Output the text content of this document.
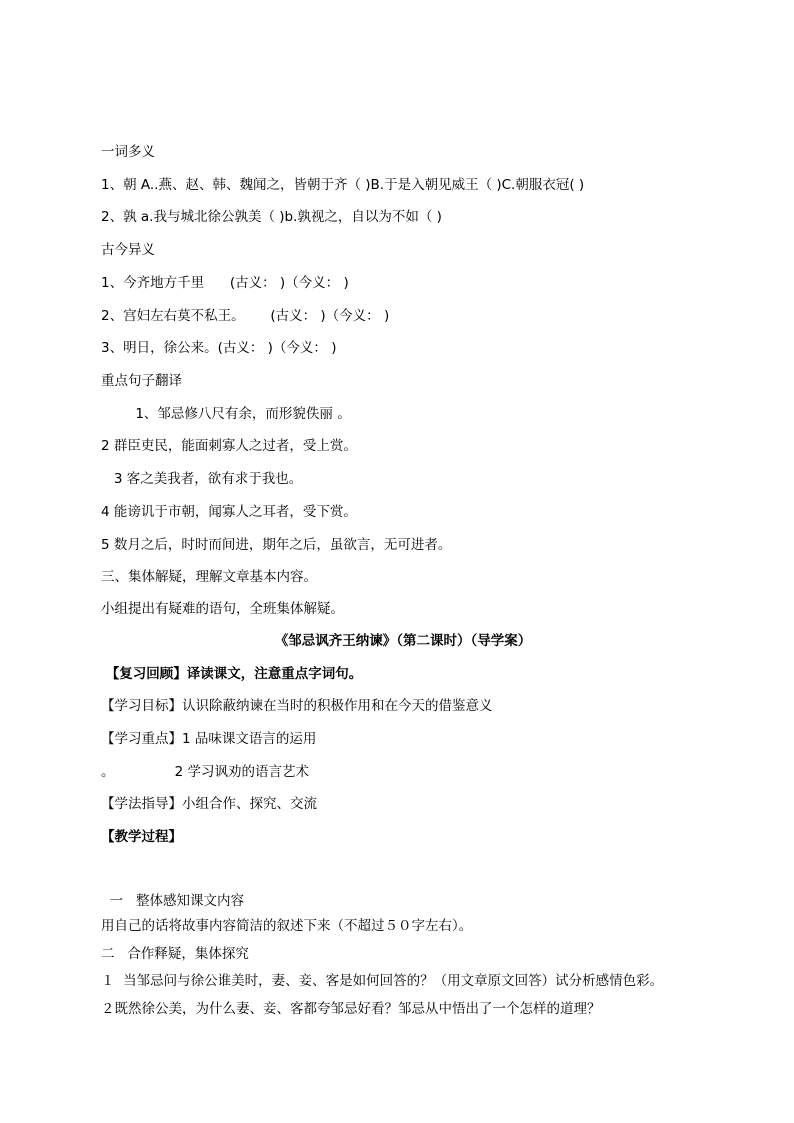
一词多义

1、朝 A..燕、赵、韩、魏闻之，皆朝于齐（ )B.于是入朝见威王（ )C.朝服衣冠( )

2、孰 a.我与城北徐公孰美（ )b.孰视之，自以为不如（ )

古今异义

1、今齐地方千里      (古义： )（今义： )

2、宫妇左右莫不私王。      (古义： )（今义： )

3、明日，徐公来。(古义： )（今义： )

重点句子翻译

1、邹忌修八尺有余，而形貌佚丽 。

2 群臣吏民，能面刺寡人之过者，受上赏。

3 客之美我者，欲有求于我也。

4 能谤讥于市朝，闻寡人之耳者，受下赏。

5 数月之后，时时而间进，期年之后，虽欲言，无可进者。

三、集体解疑，理解文章基本内容。

小组提出有疑难的语句，全班集体解疑。

《邹忌讽齐王纳谏》（第二课时）（导学案）

【复习回顾】译读课文，注意重点字词句。

【学习目标】认识除蔽纳谏在当时的积极作用和在今天的借鉴意义

【学习重点】1 品味课文语言的运用

。              2 学习讽劝的语言艺术

【学法指导】小组合作、探究、交流

【教学过程】

一   整体感知课文内容

用自己的话将故事内容简洁的叙述下来（不超过５０字左右）。

二   合作释疑，集体探究

１  当邹忌问与徐公谁美时，妻、妾、客是如何回答的？（用文章原文回答）试分析感情色彩。

２既然徐公美，为什么妻、妾、客都夸邹忌好看？邹忌从中悟出了一个怎样的道理？
